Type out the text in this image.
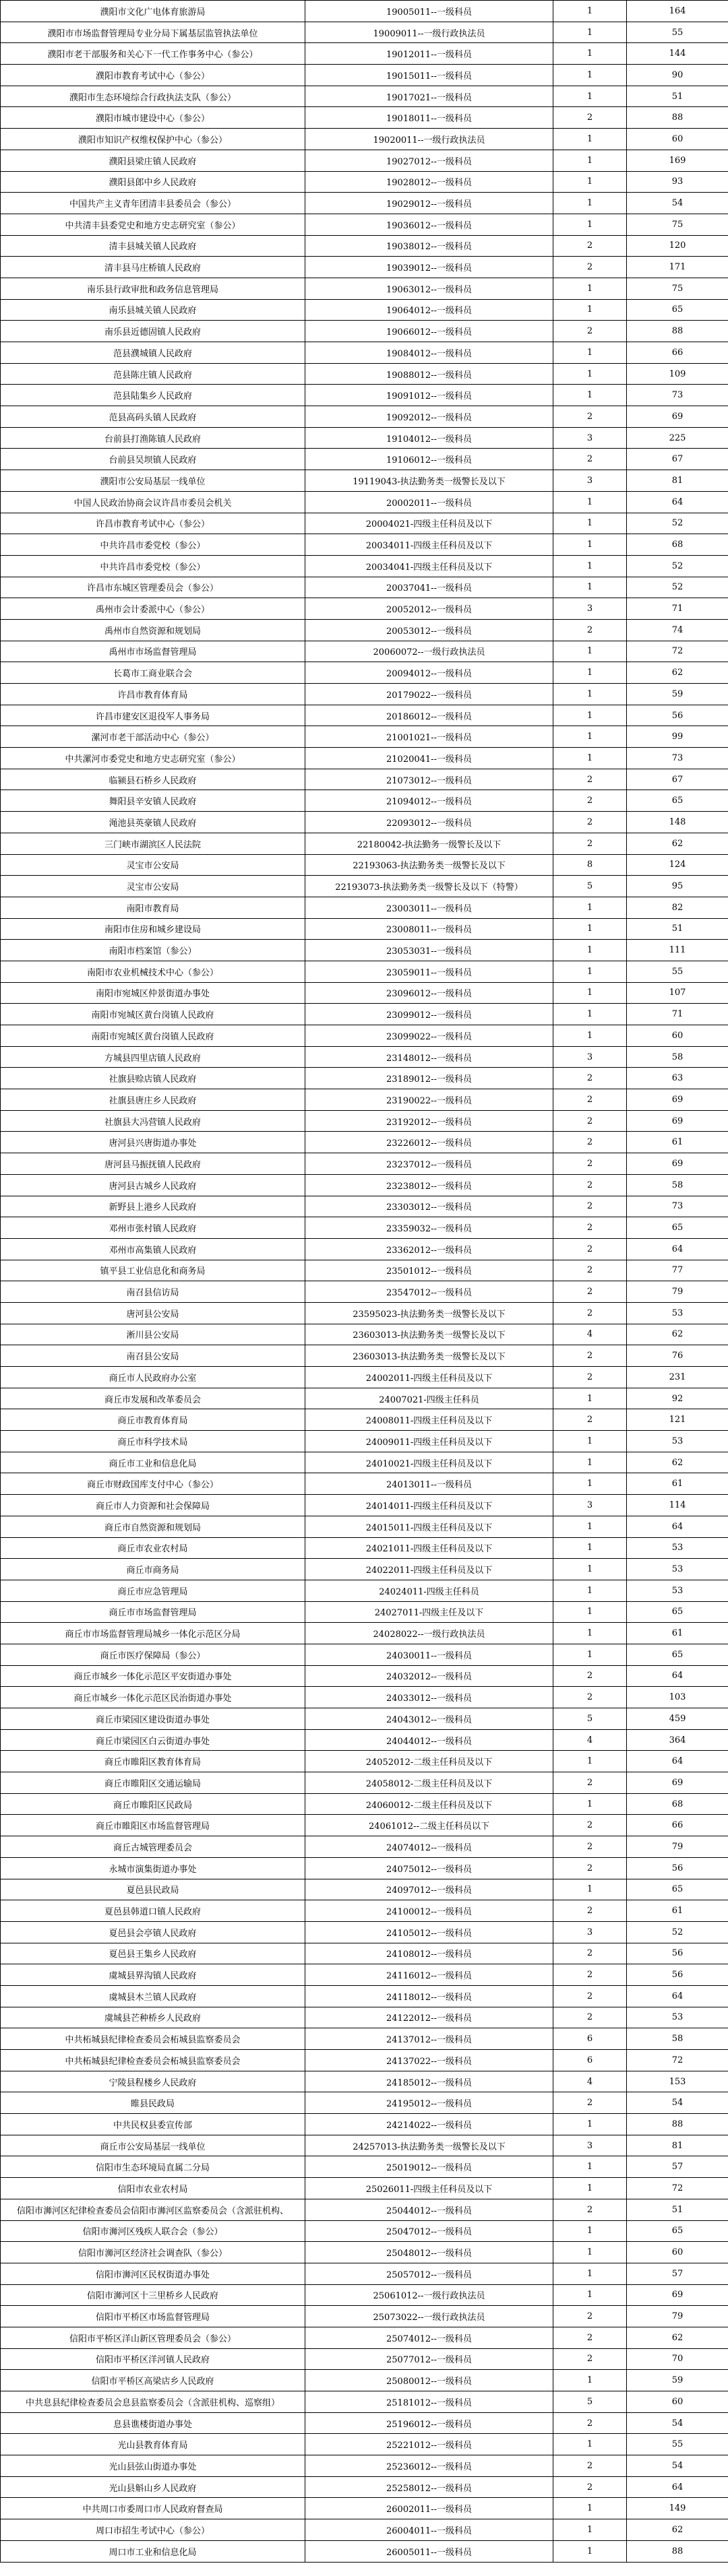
濮阳市文化广电体育旅游局	19005011--一级科员	1	164
濮阳市市场监督管理局专业分局下属基层监管执法单位	19009011--一级行政执法员	1	55
濮阳市老干部服务和关心下一代工作事务中心（参公）	19012011--一级科员	1	144
濮阳市教育考试中心（参公）	19015011--一级科员	1	90
濮阳市生态环境综合行政执法支队（参公）	19017021--一级科员	1	51
濮阳市城市建设中心（参公）	19018011--一级科员	2	88
濮阳市知识产权维权保护中心（参公）	19020011--一级行政执法员	1	60
濮阳县梁庄镇人民政府	19027012--一级科员	1	169
濮阳县郎中乡人民政府	19028012--一级科员	1	93
中国共产主义青年团清丰县委员会（参公）	19029012--一级科员	1	54
中共清丰县委党史和地方史志研究室（参公）	19036012--一级科员	1	75
清丰县城关镇人民政府	19038012--一级科员	2	120
清丰县马庄桥镇人民政府	19039012--一级科员	2	171
南乐县行政审批和政务信息管理局	19063012--一级科员	1	75
南乐县城关镇人民政府	19064012--一级科员	1	65
南乐县近德固镇人民政府	19066012--一级科员	2	88
范县濮城镇人民政府	19084012--一级科员	1	66
范县陈庄镇人民政府	19088012--一级科员	1	109
范县陆集乡人民政府	19091012--一级科员	1	73
范县高码头镇人民政府	19092012--一级科员	2	69
台前县打渔陈镇人民政府	19104012--一级科员	3	225
台前县吴坝镇人民政府	19106012--一级科员	2	67
濮阳市公安局基层一线单位	19119043-执法勤务类一级警长及以下	3	81
中国人民政治协商会议许昌市委员会机关	20002011--一级科员	1	64
许昌市教育考试中心（参公）	20004021-四级主任科员及以下	1	52
中共许昌市委党校（参公）	20034011-四级主任科员及以下	1	68
中共许昌市委党校（参公）	20034041-四级主任科员及以下	1	52
许昌市东城区管理委员会（参公）	20037041--一级科员	1	52
禹州市会计委派中心（参公）	20052012--一级科员	3	71
禹州市自然资源和规划局	20053012--一级科员	2	74
禹州市市场监督管理局	20060072--一级行政执法员	1	72
长葛市工商业联合会	20094012--一级科员	1	62
许昌市教育体育局	20179022--一级科员	1	59
许昌市建安区退役军人事务局	20186012--一级科员	1	56
漯河市老干部活动中心（参公）	21001021--一级科员	1	99
中共漯河市委党史和地方史志研究室（参公）	21020041--一级科员	1	73
临颍县石桥乡人民政府	21073012--一级科员	2	67
舞阳县辛安镇人民政府	21094012--一级科员	2	65
渑池县英豪镇人民政府	22093012--一级科员	2	148
三门峡市湖滨区人民法院	22180042-执法勤务一级警长及以下	2	62
灵宝市公安局	22193063-执法勤务类一级警长及以下	8	124
灵宝市公安局	22193073-执法勤务类一级警长及以下（特警）	5	95
南阳市教育局	23003011--一级科员	1	82
南阳市住房和城乡建设局	23008011--一级科员	1	51
南阳市档案馆（参公）	23053031--一级科员	1	111
南阳市农业机械技术中心（参公）	23059011--一级科员	1	55
南阳市宛城区仲景街道办事处	23096012--一级科员	1	107
南阳市宛城区黄台岗镇人民政府	23099012--一级科员	1	71
南阳市宛城区黄台岗镇人民政府	23099022--一级科员	1	60
方城县四里店镇人民政府	23148012--一级科员	3	58
社旗县赊店镇人民政府	23189012--一级科员	2	63
社旗县唐庄乡人民政府	23190022--一级科员	2	69
社旗县大冯营镇人民政府	23192012--一级科员	2	69
唐河县兴唐街道办事处	23226012--一级科员	2	61
唐河县马振抚镇人民政府	23237012--一级科员	2	69
唐河县古城乡人民政府	23238012--一级科员	2	58
新野县上港乡人民政府	23303012--一级科员	2	73
邓州市张村镇人民政府	23359032--一级科员	2	65
邓州市高集镇人民政府	23362012--一级科员	2	64
镇平县工业信息化和商务局	23501012--一级科员	2	77
南召县信访局	23547012--一级科员	2	79
唐河县公安局	23595023-执法勤务类一级警长及以下	2	53
淅川县公安局	23603013-执法勤务类一级警长及以下	4	62
南召县公安局	23603013-执法勤务类一级警长及以下	2	76
商丘市人民政府办公室	24002011-四级主任科员及以下	2	231
商丘市发展和改革委员会	24007021-四级主任科员	1	92
商丘市教育体育局	24008011-四级主任科员及以下	2	121
商丘市科学技术局	24009011-四级主任科员及以下	1	53
商丘市工业和信息化局	24010021-四级主任科员及以下	1	62
商丘市财政国库支付中心（参公）	24013011--一级科员	1	61
商丘市人力资源和社会保障局	24014011-四级主任科员及以下	3	114
商丘市自然资源和规划局	24015011-四级主任科员及以下	1	64
商丘市农业农村局	24021011-四级主任科员及以下	1	53
商丘市商务局	24022011-四级主任科员及以下	1	53
商丘市应急管理局	24024011-四级主任科员	1	53
商丘市市场监督管理局	24027011-四级主任及以下	1	65
商丘市市场监督管理局城乡一体化示范区分局	24028022--一级行政执法员	1	61
商丘市医疗保障局（参公）	24030011--一级科员	1	65
商丘市城乡一体化示范区平安街道办事处	24032012--一级科员	2	64
商丘市城乡一体化示范区民治街道办事处	24033012--一级科员	2	103
商丘市梁园区建设街道办事处	24043012--一级科员	5	459
商丘市梁园区白云街道办事处	24044012--一级科员	4	364
商丘市睢阳区教育体育局	24052012-二级主任科员及以下	1	64
商丘市睢阳区交通运输局	24058012-二级主任科员及以下	2	69
商丘市睢阳区民政局	24060012-二级主任科员及以下	1	68
商丘市睢阳区市场监督管理局	24061012--二级主任科员以下	2	66
商丘古城管理委员会	24074012--一级科员	2	79
永城市演集街道办事处	24075012--一级科员	2	56
夏邑县民政局	24097012--一级科员	1	65
夏邑县韩道口镇人民政府	24100012--一级科员	2	61
夏邑县会亭镇人民政府	24105012--一级科员	3	52
夏邑县王集乡人民政府	24108012--一级科员	2	56
虞城县界沟镇人民政府	24116012--一级科员	2	56
虞城县木兰镇人民政府	24118012--一级科员	2	64
虞城县芒种桥乡人民政府	24122012--一级科员	2	53
中共柘城县纪律检查委员会柘城县监察委员会	24137012--一级科员	6	58
中共柘城县纪律检查委员会柘城县监察委员会	24137022--一级科员	6	72
宁陵县程楼乡人民政府	24185012--一级科员	4	153
睢县民政局	24195012--一级科员	2	54
中共民权县委宣传部	24214022--一级科员	1	88
商丘市公安局基层一线单位	24257013-执法勤务类一级警长及以下	3	81
信阳市生态环境局直属二分局	25019012--一级科员	1	57
信阳市农业农村局	25026011-四级主任科员及以下	1	72
信阳市浉河区纪律检查委员会信阳市浉河区监察委员会（含派驻机构、	25044012--一级科员	2	51
信阳市浉河区残疾人联合会（参公）	25047012--一级科员	1	65
信阳市浉河区经济社会调查队（参公）	25048012--一级科员	1	60
信阳市浉河区民权街道办事处	25057012--一级科员	1	57
信阳市浉河区十三里桥乡人民政府	25061012--一级行政执法员	1	69
信阳市平桥区市场监督管理局	25073022--一级行政执法员	2	79
信阳市平桥区洋山新区管理委员会（参公）	25074012--一级科员	2	62
信阳市平桥区洋河镇人民政府	25077012--一级科员	2	70
信阳市平桥区高梁店乡人民政府	25080012--一级科员	1	59
中共息县纪律检查委员会息县监察委员会（含派驻机构、巡察组）	25181012--一级科员	5	60
息县谯楼街道办事处	25196012--一级科员	2	54
光山县教育体育局	25221012--一级科员	1	55
光山县弦山街道办事处	25236012--一级科员	2	54
光山县斛山乡人民政府	25258012--一级科员	2	64
中共周口市委周口市人民政府督查局	26002011--一级科员	1	149
周口市招生考试中心（参公）	26004011--一级科员	1	62
周口市工业和信息化局	26005011--一级科员	1	88
